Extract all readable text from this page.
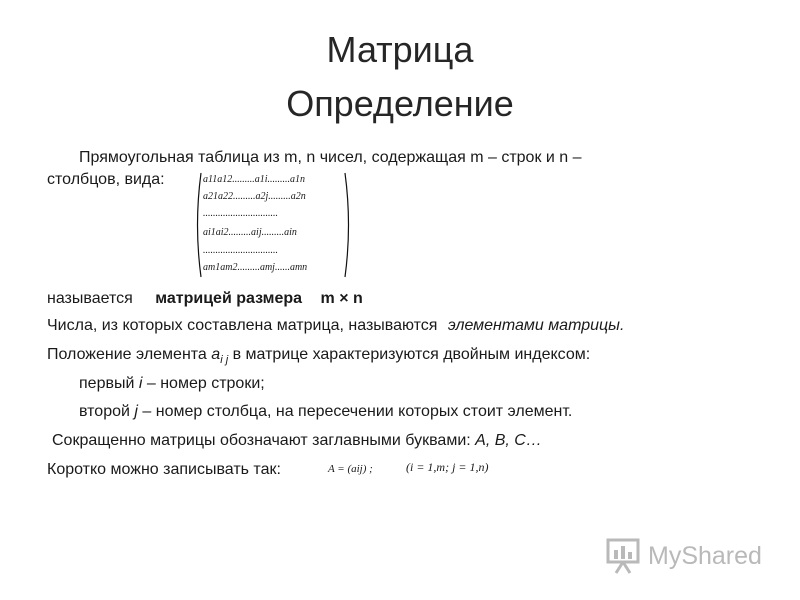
Матрица
Определение
Прямоугольная таблица из m, n чисел, содержащая m – строк и n –
столбцов, вида:	a11a12.........a1i.........a1n
a21a22.........a2j.........a2n
..............................
ai1ai2.........aij.........ain
..............................
am1am2.........amj......amn
называется матрицей размера m × n
Числа, из которых составлена матрица, называются элементами матрицы.
Положение элемента $a_{i j}$ в матрице характеризуются двойным индексом:
первый i – номер строки;
второй j – номер столбца, на пересечении которых стоит элемент.
Сокращенно матрицы обозначают заглавными буквами: А, В, С…
Коротко можно записывать так:	A = (aij) ;	(i = 1,m; j = 1,n)
MyShared
